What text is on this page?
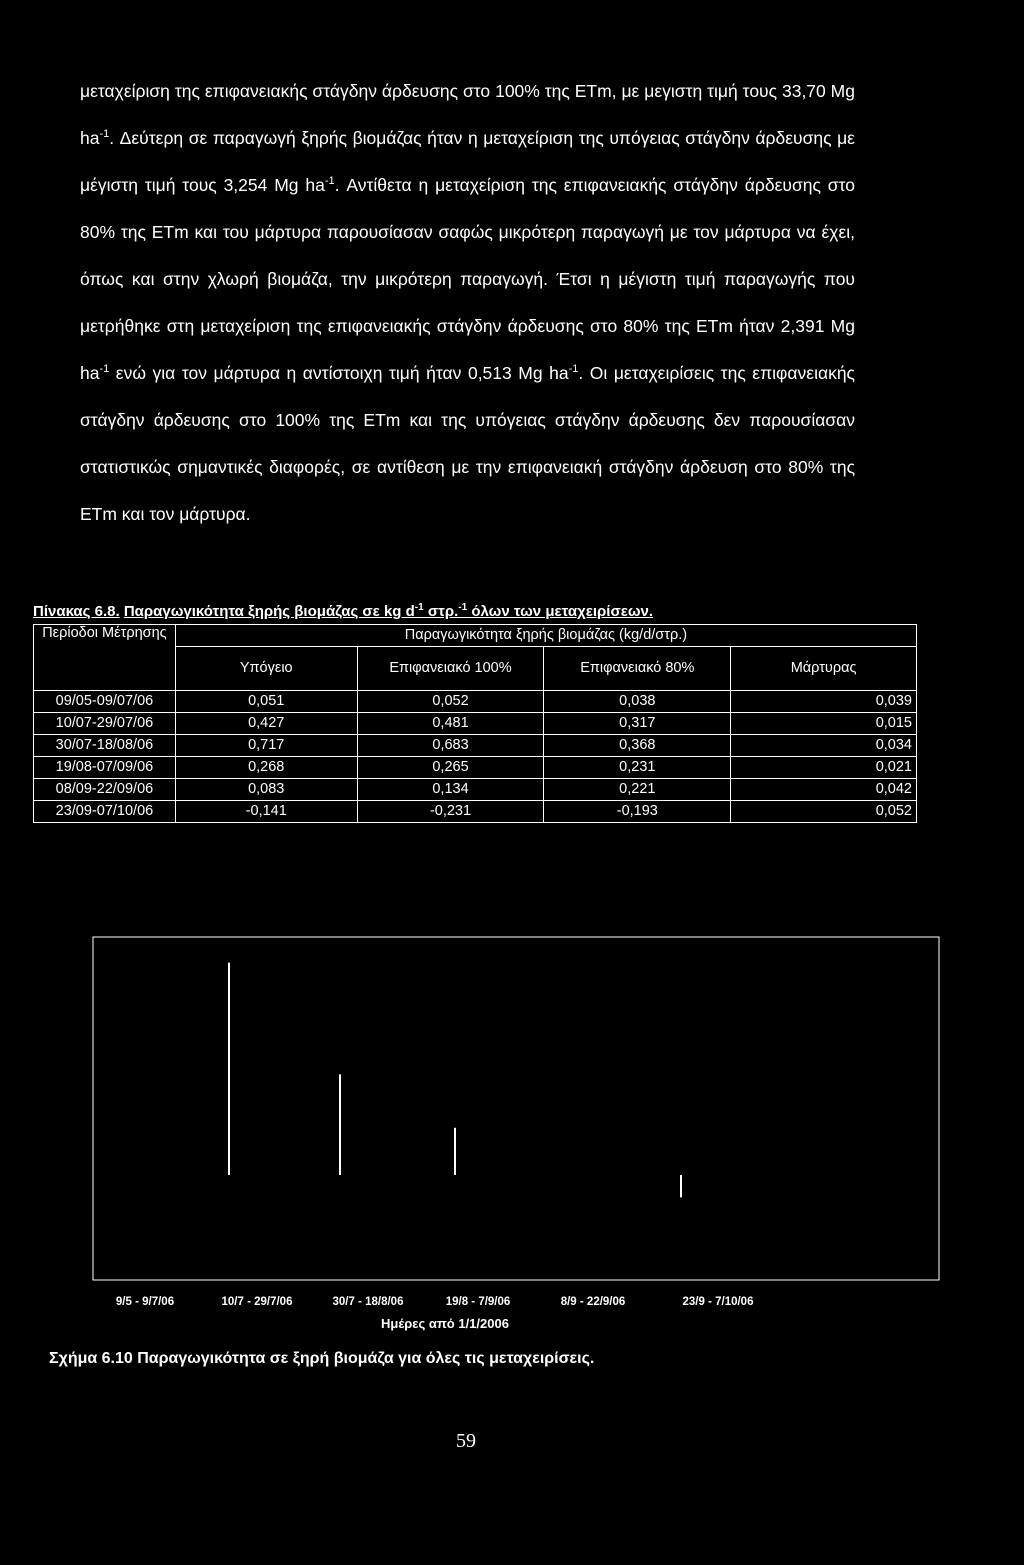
μεταχείριση της επιφανειακής στάγδην άρδευσης στο 100% της ETm, με μεγιστη τιμή τους 33,70 Mg $ha^{-1}$. Δεύτερη σε παραγωγή ξηρής βιομάζας ήταν η μεταχείριση της υπόγειας στάγδην άρδευσης με μέγιστη τιμή τους 3,254 Mg $ha^{-1}$. Αντίθετα η μεταχείριση της επιφανειακής στάγδην άρδευσης στο 80% της ETm και του μάρτυρα παρουσίασαν σαφώς μικρότερη παραγωγή με τον μάρτυρα να έχει, όπως και στην χλωρή βιομάζα, την μικρότερη παραγωγή. Έτσι η μέγιστη τιμή παραγωγής που μετρήθηκε στη μεταχείριση της επιφανειακής στάγδην άρδευσης στο 80% της ETm ήταν 2,391 Mg $ha^{-1}$ ενώ για τον μάρτυρα η αντίστοιχη τιμή ήταν 0,513 Mg $ha^{-1}$. Οι μεταχειρίσεις της επιφανειακής στάγδην άρδευσης στο 100% της ETm και της υπόγειας στάγδην άρδευσης δεν παρουσίασαν στατιστικώς σημαντικές διαφορές, σε αντίθεση με την επιφανειακή στάγδην άρδευση στο 80% της ETm και τον μάρτυρα.
Πίνακας 6.8. Παραγωγικότητα ξηρής βιομάζας σε kg $d^{-1}$ στρ.$^{-1}$ όλων των μεταχειρίσεων.
Περίοδοι Μέτρησης	Παραγωγικότητα ξηρής βιομάζας (kg/d/στρ.)			
	Υπόγειο	Επιφανειακό 100%	Επιφανειακό 80%	Μάρτυρας
09/05-09/07/06	0,051	0,052	0,038	0,039
10/07-29/07/06	0,427	0,481	0,317	0,015
30/07-18/08/06	0,717	0,683	0,368	0,034
19/08-07/09/06	0,268	0,265	0,231	0,021
08/09-22/09/06	0,083	0,134	0,221	0,042
23/09-07/10/06	-0,141	-0,231	-0,193	0,052
9/5 - 9/7/06	10/7 - 29/7/06	30/7 - 18/8/06	19/8 - 7/9/06	8/9 - 22/9/06	23/9 - 7/10/06
Ημέρες από 1/1/2006
Σχήμα 6.10 Παραγωγικότητα σε ξηρή βιομάζα για όλες τις μεταχειρίσεις.
59
